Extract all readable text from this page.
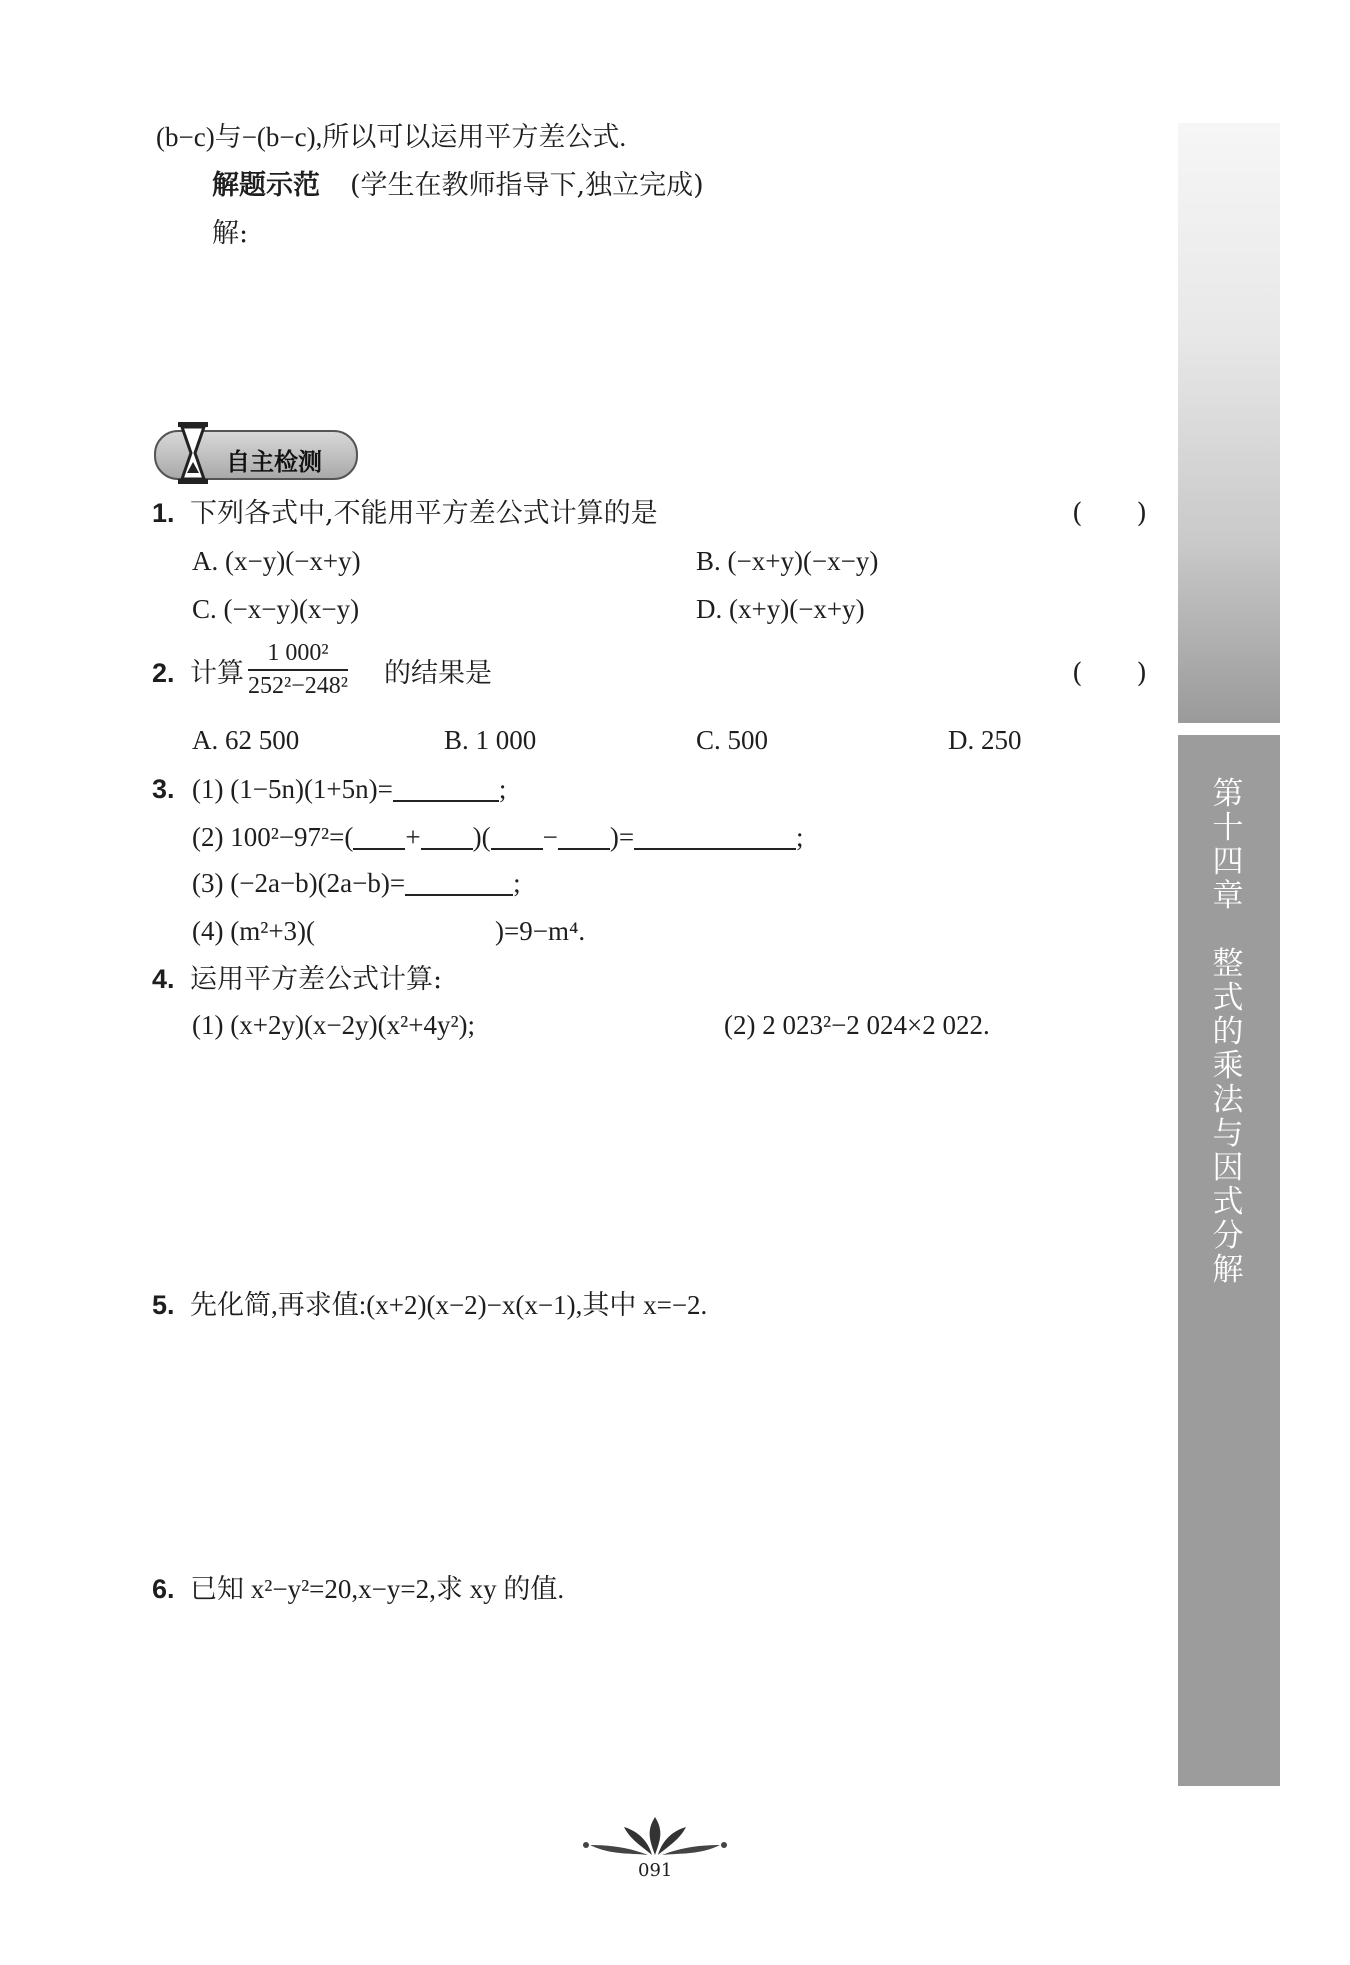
第
十
四
章

整
式
的
乘
法
与
因
式
分
解
(b−c)与−(b−c),所以可以运用平方差公式.
解题示范 (学生在教师指导下,独立完成)
解:
自主检测
1. 下列各式中,不能用平方差公式计算的是	(　　)
A. (x−y)(−x+y)	B. (−x+y)(−x−y)
C. (−x−y)(x−y)	D. (x+y)(−x+y)
2. 计算 $\frac{\text{1 000²}}{\text{252²−248²}}$ 的结果是	(　　)
A. 62 500	B. 1 000	C. 500	D. 250
3. (1) (1−5n)(1+5n)=	;
(2) 100²−97²=( + )( − )=	;
(3) (−2a−b)(2a−b)=	;
(4) (m²+3)(	)=9−m⁴.
4. 运用平方差公式计算:
(1) (x+2y)(x−2y)(x²+4y²);	(2) 2 023²−2 024×2 022.
5. 先化简,再求值:(x+2)(x−2)−x(x−1),其中 x=−2.
6. 已知 x²−y²=20,x−y=2,求 xy 的值.
091
